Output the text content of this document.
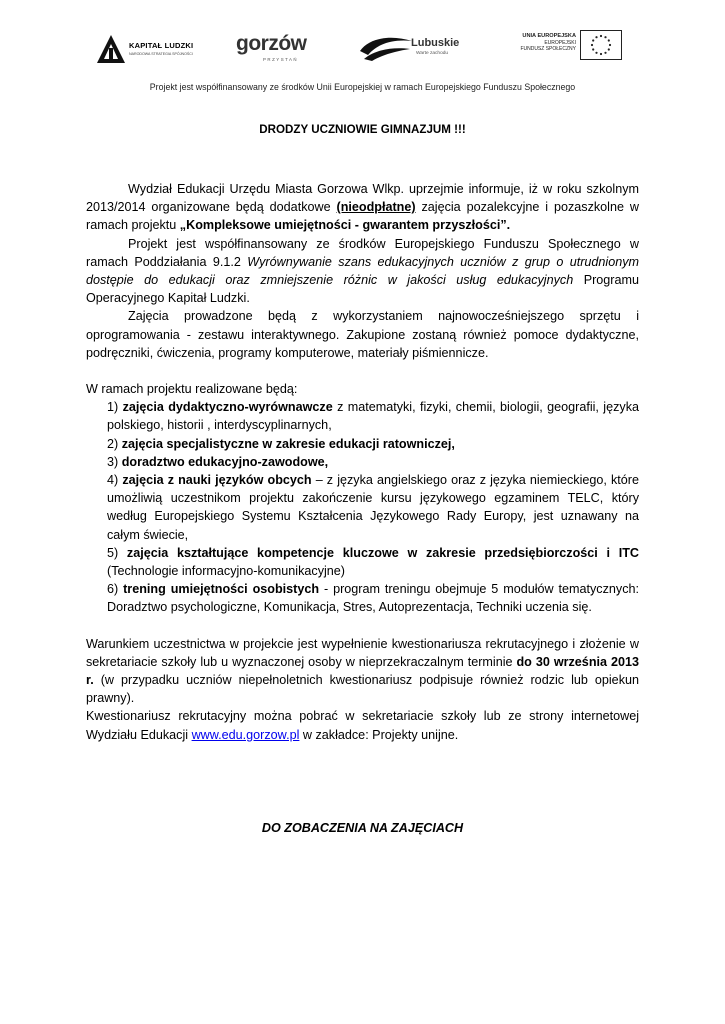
KAPITAŁ LUDZKI
NARODOWA STRATEGIA SPÓJNOŚCI gorzów
PRZYSTAŃ
Lubuskie
Warte zachodu
UNIA EUROPEJSKA
EUROPEJSKI
FUNDUSZ SPOŁECZNY
Projekt jest współfinansowany ze środków Unii Europejskiej w ramach Europejskiego Funduszu Społecznego
DRODZY UCZNIOWIE GIMNAZJUM !!!

Wydział Edukacji Urzędu Miasta Gorzowa Wlkp. uprzejmie informuje, iż w roku szkolnym 2013/2014 organizowane będą dodatkowe (nieodpłatne) zajęcia pozalekcyjne i pozaszkolne w ramach projektu „Kompleksowe umiejętności - gwarantem przyszłości”.

Projekt jest współfinansowany ze środków Europejskiego Funduszu Społecznego w ramach Poddziałania 9.1.2 Wyrównywanie szans edukacyjnych uczniów z grup o utrudnionym dostępie do edukacji oraz zmniejszenie różnic w jakości usług edukacyjnych Programu Operacyjnego Kapitał Ludzki.

Zajęcia prowadzone będą z wykorzystaniem najnowocześniejszego sprzętu i oprogramowania - zestawu interaktywnego. Zakupione zostaną również pomoce dydaktyczne, podręczniki, ćwiczenia, programy komputerowe, materiały piśmiennicze.

W ramach projektu realizowane będą:

1) zajęcia dydaktyczno-wyrównawcze z matematyki, fizyki, chemii, biologii, geografii, języka polskiego, historii , interdyscyplinarnych,
2) zajęcia specjalistyczne w zakresie edukacji ratowniczej,
3) doradztwo edukacyjno-zawodowe,
4) zajęcia z nauki języków obcych – z języka angielskiego oraz z języka niemieckiego, które umożliwią uczestnikom projektu zakończenie kursu językowego egzaminem TELC, który według Europejskiego Systemu Kształcenia Językowego Rady Europy, jest uznawany na całym świecie,
5) zajęcia kształtujące kompetencje kluczowe w zakresie przedsiębiorczości i ITC (Technologie informacyjno-komunikacyjne)
6) trening umiejętności osobistych - program treningu obejmuje 5 modułów tematycznych: Doradztwo psychologiczne, Komunikacja, Stres, Autoprezentacja, Techniki uczenia się.

Warunkiem uczestnictwa w projekcie jest wypełnienie kwestionariusza rekrutacyjnego i złożenie w sekretariacie szkoły lub u wyznaczonej osoby w nieprzekraczalnym terminie do 30 września 2013 r. (w przypadku uczniów niepełnoletnich kwestionariusz podpisuje również rodzic lub opiekun prawny).

Kwestionariusz rekrutacyjny można pobrać w sekretariacie szkoły lub ze strony internetowej Wydziału Edukacji www.edu.gorzow.pl w zakładce: Projekty unijne.

DO ZOBACZENIA NA ZAJĘCIACH
